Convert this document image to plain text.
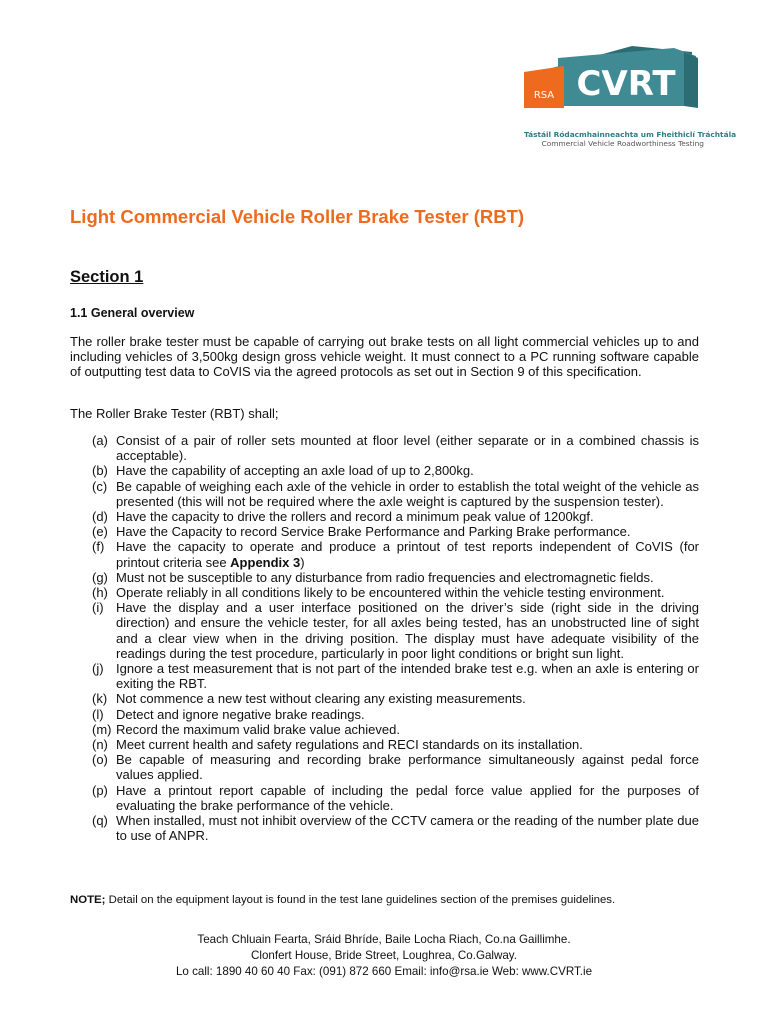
RSA CVRT
Tástáil Ródacmhainneachta um Fheithiclí Tráchtála
Commercial Vehicle Roadworthiness Testing
Light Commercial Vehicle Roller Brake Tester (RBT)
Section 1
1.1 General overview

The roller brake tester must be capable of carrying out brake tests on all light commercial vehicles up to and including vehicles of 3,500kg design gross vehicle weight. It must connect to a PC running software capable of outputting test data to CoVIS via the agreed protocols as set out in Section 9 of this specification.

The Roller Brake Tester (RBT) shall;

(a) Consist of a pair of roller sets mounted at floor level (either separate or in a combined chassis is acceptable).
(b) Have the capability of accepting an axle load of up to 2,800kg.
(c) Be capable of weighing each axle of the vehicle in order to establish the total weight of the vehicle as presented (this will not be required where the axle weight is captured by the suspension tester).
(d) Have the capacity to drive the rollers and record a minimum peak value of 1200kgf.
(e) Have the Capacity to record Service Brake Performance and Parking Brake performance.
(f) Have the capacity to operate and produce a printout of test reports independent of CoVIS (for printout criteria see Appendix 3)
(g) Must not be susceptible to any disturbance from radio frequencies and electromagnetic fields.
(h) Operate reliably in all conditions likely to be encountered within the vehicle testing environment.
(i) Have the display and a user interface positioned on the driver’s side (right side in the driving direction) and ensure the vehicle tester, for all axles being tested, has an unobstructed line of sight and a clear view when in the driving position. The display must have adequate visibility of the readings during the test procedure, particularly in poor light conditions or bright sun light.
(j) Ignore a test measurement that is not part of the intended brake test e.g. when an axle is entering or exiting the RBT.
(k) Not commence a new test without clearing any existing measurements.
(l) Detect and ignore negative brake readings.
(m) Record the maximum valid brake value achieved.
(n) Meet current health and safety regulations and RECI standards on its installation.
(o) Be capable of measuring and recording brake performance simultaneously against pedal force values applied.
(p) Have a printout report capable of including the pedal force value applied for the purposes of evaluating the brake performance of the vehicle.
(q) When installed, must not inhibit overview of the CCTV camera or the reading of the number plate due to use of ANPR.

NOTE; Detail on the equipment layout is found in the test lane guidelines section of the premises guidelines.

Teach Chluain Fearta, Sráid Bhríde, Baile Locha Riach, Co.na Gaillimhe.
Clonfert House, Bride Street, Loughrea, Co.Galway.
Lo call: 1890 40 60 40 Fax: (091) 872 660 Email: info@rsa.ie Web: www.CVRT.ie
